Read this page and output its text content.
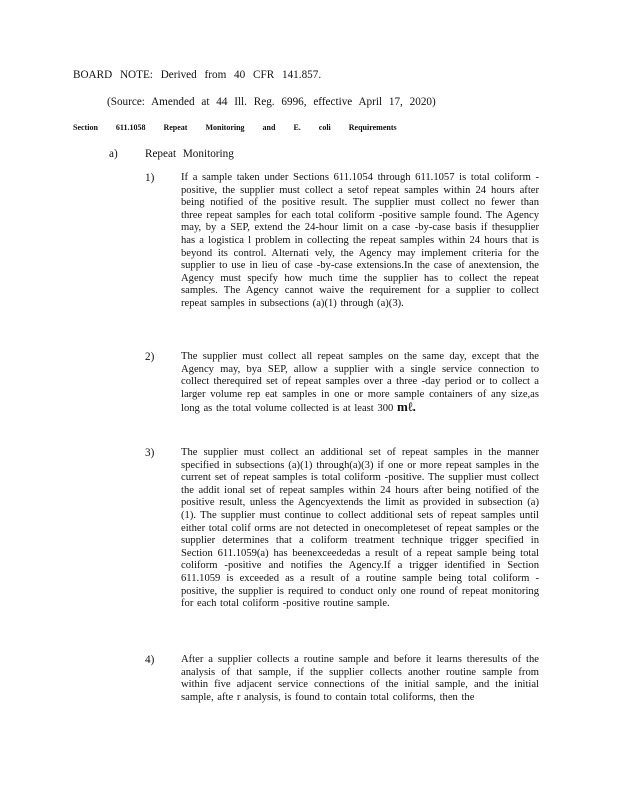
BOARD NOTE: Derived from 40 CFR 141.857.
(Source: Amended at 44 Ill. Reg. 6996, effective April 17, 2020)
Section 611.1058 Repeat Monitoring and E. coli Requirements
a) Repeat Monitoring
1)	If a sample taken under Sections 611.1054 through 611.1057 is total coliform -positive, the supplier must collect a setof repeat samples within 24 hours after being notified of the positive result. The supplier must collect no fewer than three repeat samples for each total coliform -positive sample found. The Agency may, by a SEP, extend the 24-hour limit on a case -by-case basis if thesupplier has a logistica l problem in collecting the repeat samples within 24 hours that is beyond its control. Alternati vely, the Agency may implement criteria for the supplier to use in lieu of case -by-case extensions.In the case of anextension, the Agency must specify how much time the supplier has to collect the repeat samples. The Agency cannot waive the requirement for a supplier to collect repeat samples in subsections (a)(1) through (a)(3).
2)	The supplier must collect all repeat samples on the same day, except that the Agency may, bya SEP, allow a supplier with a single service connection to collect therequired set of repeat samples over a three -day period or to collect a larger volume rep eat samples in one or more sample containers of any size,as long as the total volume collected is at least 300 mℓ.
3)	The supplier must collect an additional set of repeat samples in the manner specified in subsections (a)(1) through(a)(3) if one or more repeat samples in the current set of repeat samples is total coliform -positive. The supplier must collect the addit ional set of repeat samples within 24 hours after being notified of the positive result, unless the Agencyextends the limit as provided in subsection (a)(1). The supplier must continue to collect additional sets of repeat samples until either total colif orms are not detected in onecompleteset of repeat samples or the supplier determines that a coliform treatment technique trigger specified in Section 611.1059(a) has beenexceededas a result of a repeat sample being total coliform -positive and notifies the Agency.If a trigger identified in Section 611.1059 is exceeded as a result of a routine sample being total coliform -positive, the supplier is required to conduct only one round of repeat monitoring for each total coliform -positive routine sample.
4)	After a supplier collects a routine sample and before it learns theresults of the analysis of that sample, if the supplier collects another routine sample from within five adjacent service connections of the initial sample, and the initial sample, afte r analysis, is found to contain total coliforms, then the
